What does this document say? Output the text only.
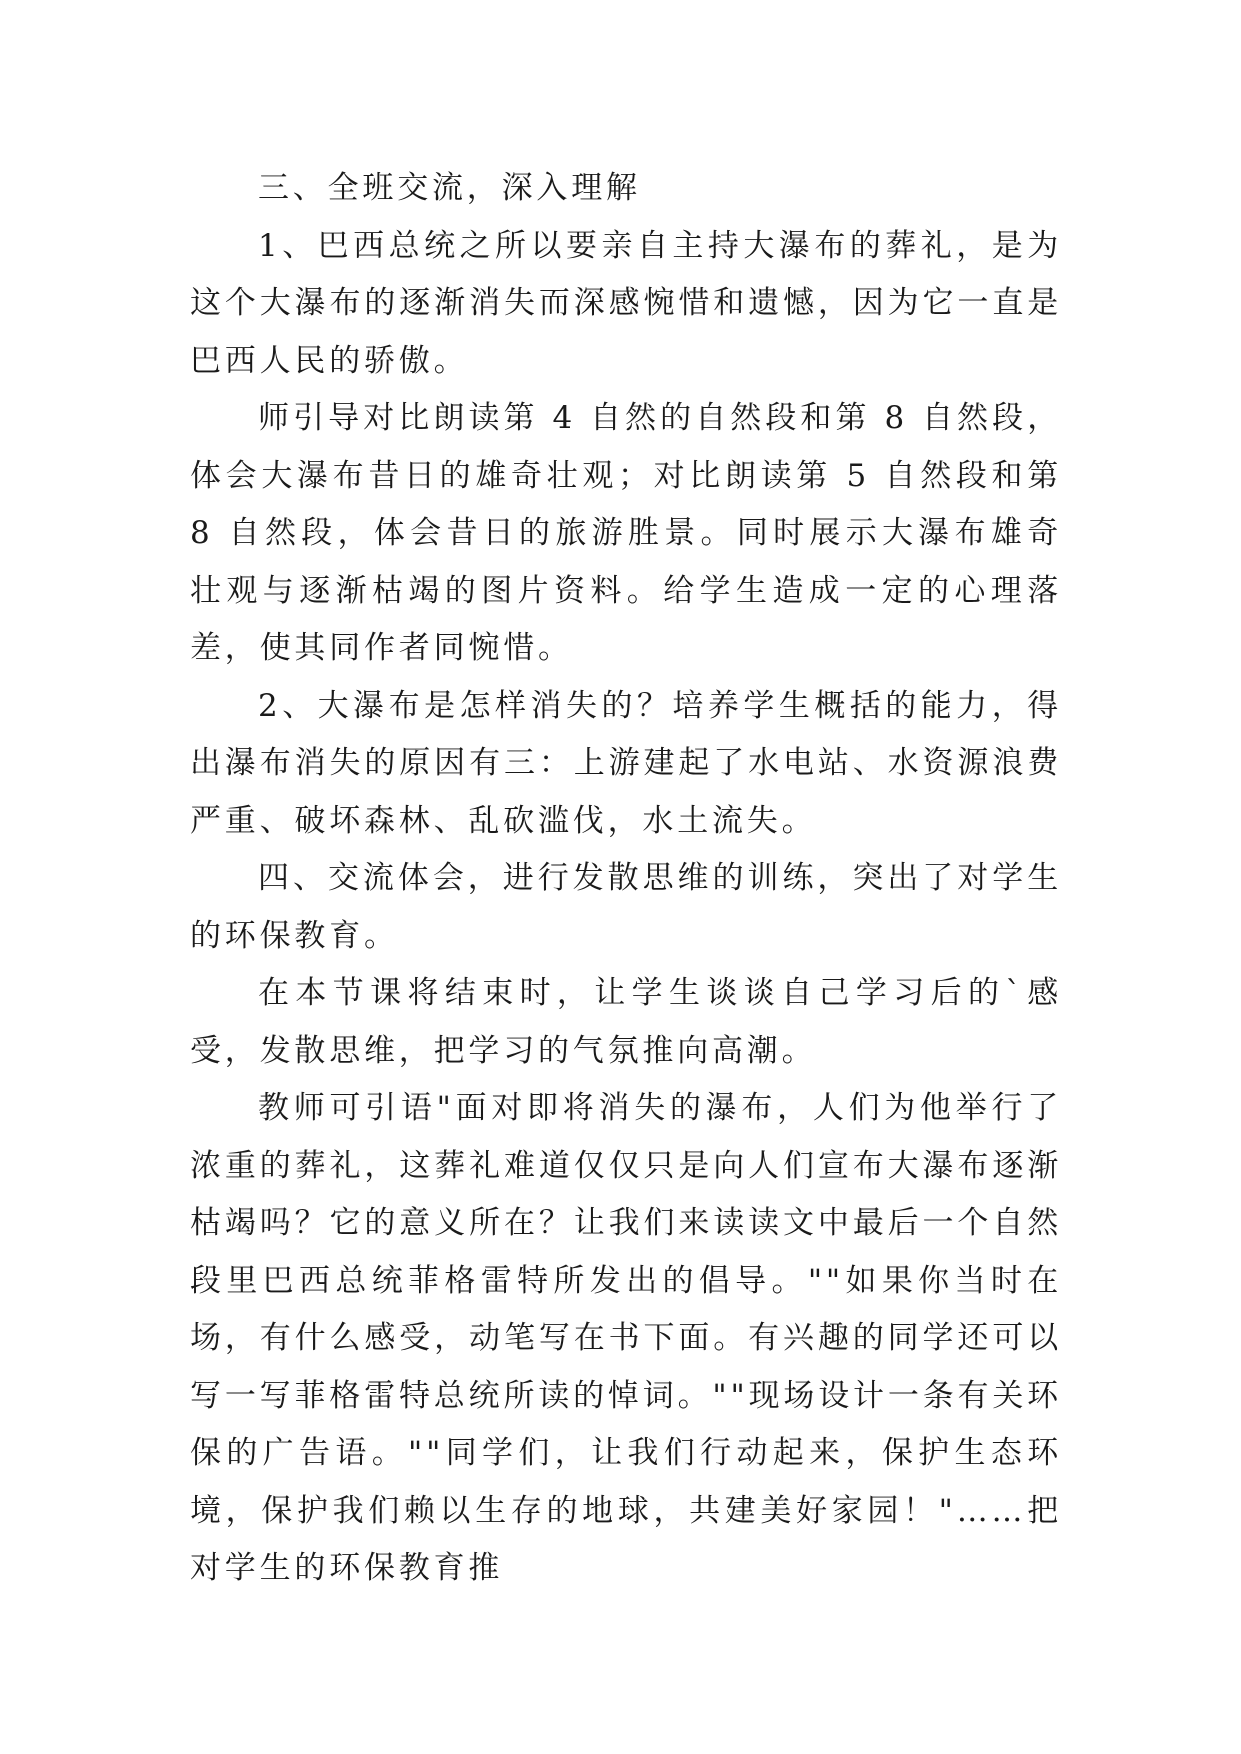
三、全班交流，深入理解

1、巴西总统之所以要亲自主持大瀑布的葬礼，是为这个大瀑布的逐渐消失而深感惋惜和遗憾，因为它一直是巴西人民的骄傲。

师引导对比朗读第 4 自然的自然段和第 8 自然段，体会大瀑布昔日的雄奇壮观；对比朗读第 5 自然段和第 8 自然段，体会昔日的旅游胜景。同时展示大瀑布雄奇壮观与逐渐枯竭的图片资料。给学生造成一定的心理落差，使其同作者同惋惜。

2、大瀑布是怎样消失的？培养学生概括的能力，得出瀑布消失的原因有三：上游建起了水电站、水资源浪费严重、破坏森林、乱砍滥伐，水土流失。

四、交流体会，进行发散思维的训练，突出了对学生的环保教育。

在本节课将结束时，让学生谈谈自己学习后的`感受，发散思维，把学习的气氛推向高潮。

教师可引语"面对即将消失的瀑布，人们为他举行了浓重的葬礼，这葬礼难道仅仅只是向人们宣布大瀑布逐渐枯竭吗？它的意义所在？让我们来读读文中最后一个自然段里巴西总统菲格雷特所发出的倡导。""如果你当时在场，有什么感受，动笔写在书下面。有兴趣的同学还可以写一写菲格雷特总统所读的悼词。""现场设计一条有关环保的广告语。""同学们，让我们行动起来，保护生态环境，保护我们赖以生存的地球，共建美好家园！"……把对学生的环保教育推
